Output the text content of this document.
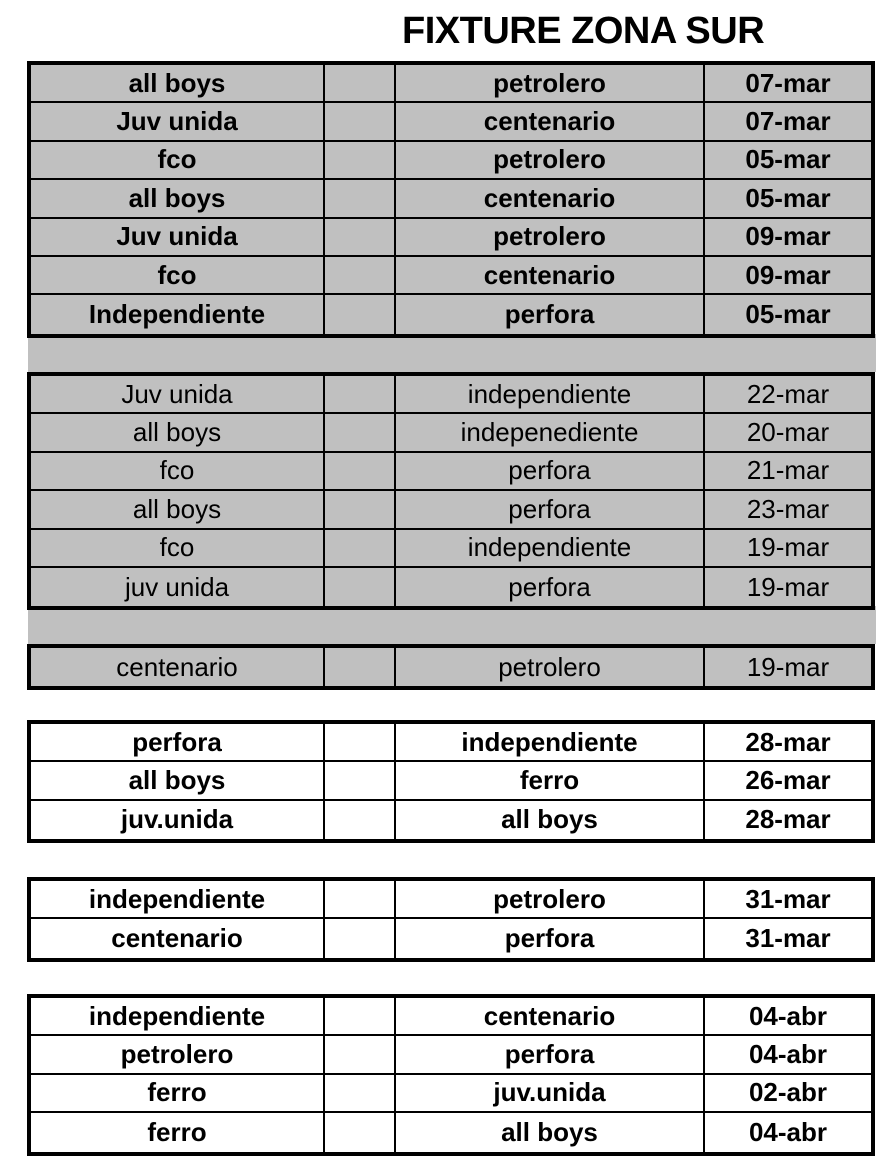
FIXTURE ZONA SUR
all boys	petrolero	07-mar
Juv unida	centenario	07-mar
fco	petrolero	05-mar
all boys	centenario	05-mar
Juv unida	petrolero	09-mar
fco	centenario	09-mar
Independiente	perfora	05-mar
Juv unida	independiente	22-mar
all boys	indepenediente	20-mar
fco	perfora	21-mar
all boys	perfora	23-mar
fco	independiente	19-mar
juv unida	perfora	19-mar
centenario	petrolero	19-mar
perfora	independiente	28-mar
all boys	ferro	26-mar
juv.unida	all boys	28-mar
independiente	petrolero	31-mar
centenario	perfora	31-mar
independiente	centenario	04-abr
petrolero	perfora	04-abr
ferro	juv.unida	02-abr
ferro	all boys	04-abr
